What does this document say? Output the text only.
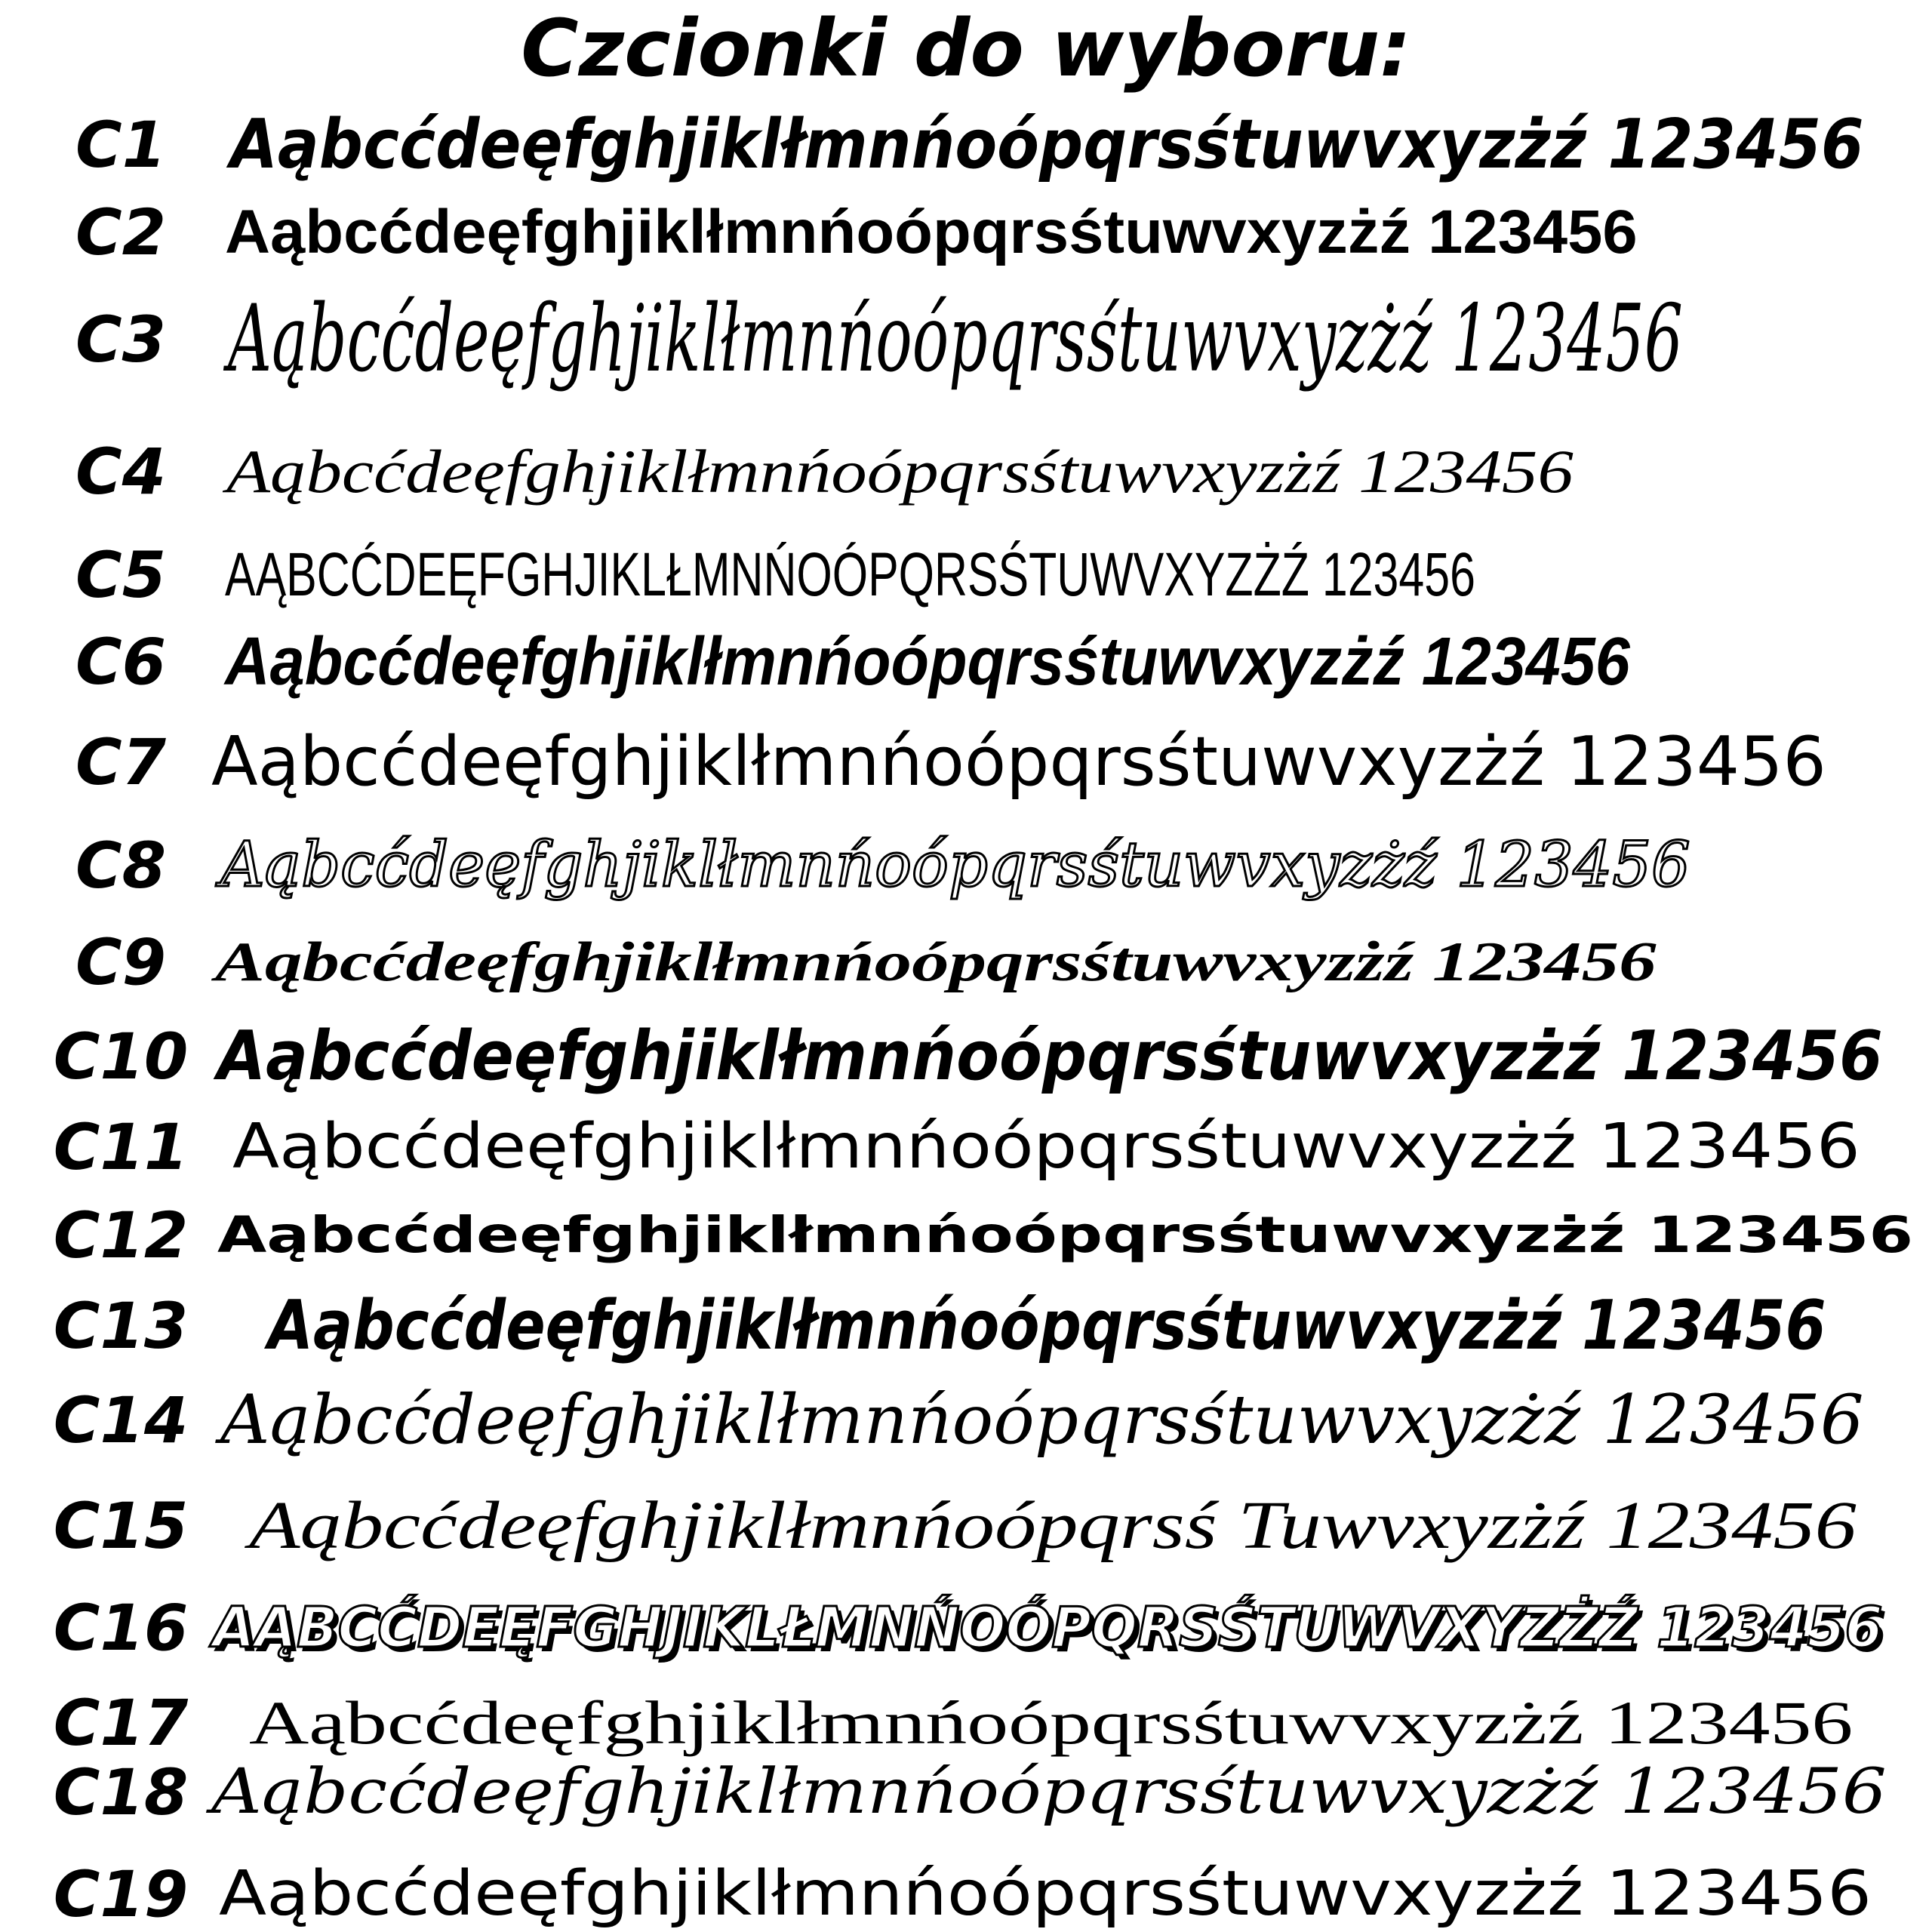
Czcionki do wyboru:
C1 Aąbcćdeęfghjiklłmnńoópqrsśtuwvxyzżź 123456
C2 Aąbcćdeęfghjiklłmnńoópqrsśtuwvxyzżź 123456
C3 Aąbcćdeęfghjiklłmnńoópqrsśtuwvxyzżź 123456
C4 Aąbcćdeęfghjiklłmnńoópqrsśtuwvxyzżź 123456
C5 AĄBCĆDEĘFGHJIKLŁMNŃOÓPQRSŚTUWVXYZŻŹ 123456
C6 Aąbcćdeęfghjiklłmnńoópqrsśtuwvxyzżź 123456
C7 Aąbcćdeęfghjiklłmnńoópqrsśtuwvxyzżź 123456
C8 Aąbcćdeęfghjiklłmnńoópqrsśtuwvxyzżź 123456
C9 Aąbcćdeęfghjiklłmnńoópqrsśtuwvxyzżź 123456
C10 Aąbcćdeęfghjiklłmnńoópqrsśtuwvxyzżź 123456
C11 Aąbcćdeęfghjiklłmnńoópqrsśtuwvxyzżź 123456
C12 Aąbcćdeęfghjiklłmnńoópqrsśtuwvxyzżź 123456
C13 Aąbcćdeęfghjiklłmnńoópqrsśtuwvxyzżź 123456
C14 Aąbcćdeęfghjiklłmnńoópqrsśtuwvxyzżź 123456
C15 Aąbcćdeęfghjiklłmnńoópqrsś Tuwvxyzżź 123456
C16 AĄBCĆDEĘFGHJIKLŁMNŃOÓPQRSŚTUWVXYZŻŹ 123456
C17 Aąbcćdeęfghjiklłmnńoópqrsśtuwvxyzżź 123456
C18 Aąbcćdeęfghjiklłmnńoópqrsśtuwvxyzżź 123456
C19 Aąbcćdeęfghjiklłmnńoópqrsśtuwvxyzżź 123456
